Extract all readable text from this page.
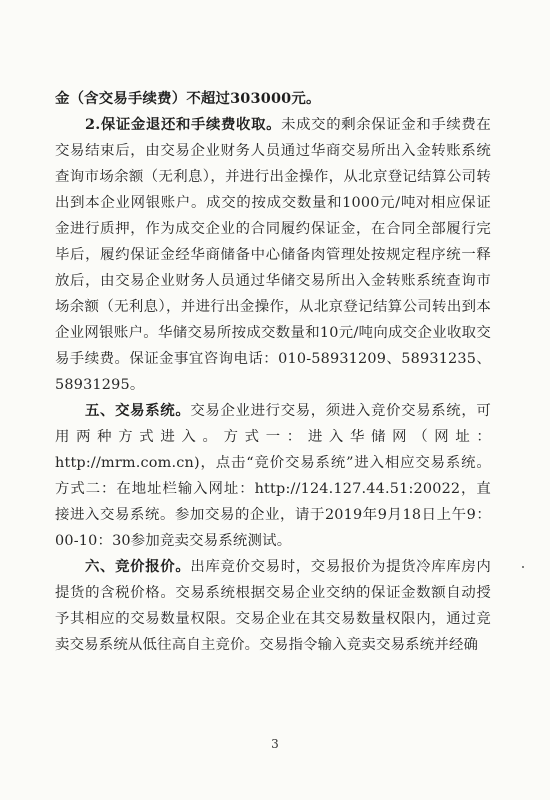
金（含交易手续费）不超过303000元。

2.保证金退还和手续费收取。未成交的剩余保证金和手续费在交易结束后，由交易企业财务人员通过华商交易所出入金转账系统查询市场余额（无利息），并进行出金操作，从北京登记结算公司转出到本企业网银账户。成交的按成交数量和1000元/吨对相应保证金进行质押，作为成交企业的合同履约保证金，在合同全部履行完毕后，履约保证金经华商储备中心储备肉管理处按规定程序统一释放后，由交易企业财务人员通过华储交易所出入金转账系统查询市场余额（无利息），并进行出金操作，从北京登记结算公司转出到本企业网银账户。华储交易所按成交数量和10元/吨向成交企业收取交易手续费。保证金事宜咨询电话：010-58931209、58931235、58931295。

五、交易系统。交易企业进行交易，须进入竞价交易系统，可用两种方式进入。方式一：进入华储网（网址：http://mrm.com.cn)，点击“竞价交易系统”进入相应交易系统。方式二：在地址栏输入网址：http://124.127.44.51:20022，直接进入交易系统。参加交易的企业，请于2019年9月18日上午9：00-10：30参加竞卖交易系统测试。

六、竞价报价。出库竞价交易时，交易报价为提货冷库库房内提货的含税价格。交易系统根据交易企业交纳的保证金数额自动授予其相应的交易数量权限。交易企业在其交易数量权限内，通过竞卖交易系统从低往高自主竞价。交易指令输入竞卖交易系统并经确

3
